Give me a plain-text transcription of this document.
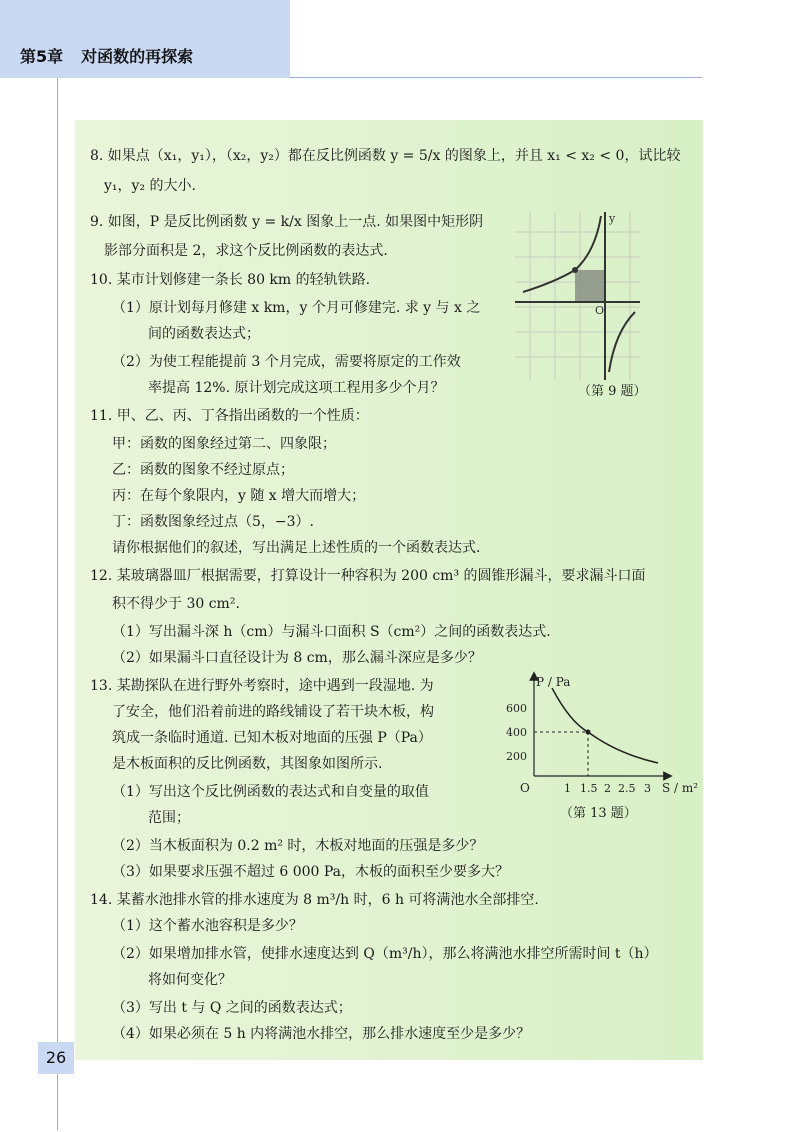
第5章 对函数的再探索
8. 如果点（x₁，y₁），（x₂，y₂）都在反比例函数 y = 5/x 的图象上，并且 x₁ < x₂ < 0，试比较
y₁，y₂ 的大小.
9. 如图，P 是反比例函数 y = k/x 图象上一点. 如果图中矩形阴
影部分面积是 2，求这个反比例函数的表达式.
10. 某市计划修建一条长 80 km 的轻轨铁路.
（1）原计划每月修建 x km，y 个月可修建完. 求 y 与 x 之
间的函数表达式；
（2）为使工程能提前 3 个月完成，需要将原定的工作效
率提高 12%. 原计划完成这项工程用多少个月？
11. 甲、乙、丙、丁各指出函数的一个性质：
甲：函数的图象经过第二、四象限；
乙：函数的图象不经过原点；
丙：在每个象限内，y 随 x 增大而增大；
丁：函数图象经过点（5，−3）.
请你根据他们的叙述，写出满足上述性质的一个函数表达式.
12. 某玻璃器皿厂根据需要，打算设计一种容积为 200 cm³ 的圆锥形漏斗，要求漏斗口面
积不得少于 30 cm².
（1）写出漏斗深 h（cm）与漏斗口面积 S（cm²）之间的函数表达式.
（2）如果漏斗口直径设计为 8 cm，那么漏斗深应是多少？
13. 某勘探队在进行野外考察时，途中遇到一段湿地. 为
了安全，他们沿着前进的路线铺设了若干块木板，构
筑成一条临时通道. 已知木板对地面的压强 P（Pa）
是木板面积的反比例函数，其图象如图所示.
（1）写出这个反比例函数的表达式和自变量的取值
范围；
（2）当木板面积为 0.2 m² 时，木板对地面的压强是多少？
（3）如果要求压强不超过 6 000 Pa，木板的面积至少要多大？
14. 某蓄水池排水管的排水速度为 8 m³/h 时，6 h 可将满池水全部排空.
（1）这个蓄水池容积是多少？
（2）如果增加排水管，使排水速度达到 Q（m³/h），那么将满池水排空所需时间 t（h）
将如何变化？
（3）写出 t 与 Q 之间的函数表达式；
（4）如果必须在 5 h 内将满池水排空，那么排水速度至少是多少？
y
O
（第 9 题）
P / Pa
S / m²
O
600
400
200
1 1.5 2 2.5 3
（第 13 题）
26
